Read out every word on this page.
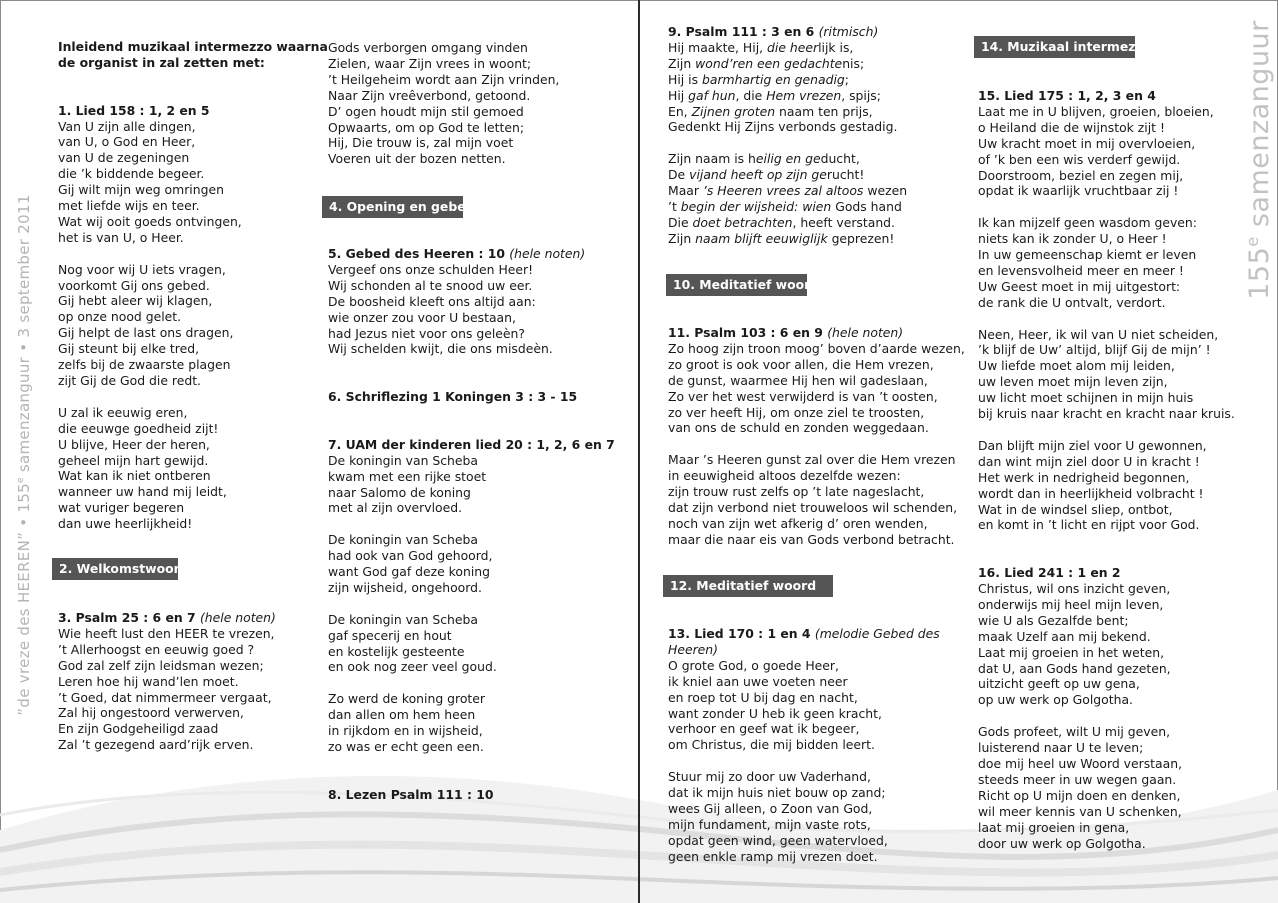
”de vreze des HEEREN” • 155e samenzanguur • 3 september 2011	155e samenzanguur
Inleidend muzikaal intermezzo waarna
de organist in zal zetten met:
1. Lied 158 : 1, 2 en 5
Van U zijn alle dingen,
van U, o God en Heer,
van U de zegeningen
die ’k biddende begeer.
Gij wilt mijn weg omringen
met liefde wijs en teer.
Wat wij ooit goeds ontvingen,
het is van U, o Heer.
Nog voor wij U iets vragen,
voorkomt Gij ons gebed.
Gij hebt aleer wij klagen,
op onze nood gelet.
Gij helpt de last ons dragen,
Gij steunt bij elke tred,
zelfs bij de zwaarste plagen
zijt Gij de God die redt.
U zal ik eeuwig eren,
die eeuwge goedheid zijt!
U blijve, Heer der heren,
geheel mijn hart gewijd.
Wat kan ik niet ontberen
wanneer uw hand mij leidt,
wat vuriger begeren
dan uwe heerlijkheid!
2. Welkomstwoord
3. Psalm 25 : 6 en 7 (hele noten)
Wie heeft lust den HEER te vrezen,
’t Allerhoogst en eeuwig goed ?
God zal zelf zijn leidsman wezen;
Leren hoe hij wand’len moet.
’t Goed, dat nimmermeer vergaat,
Zal hij ongestoord verwerven,
En zijn Godgeheiligd zaad
Zal ’t gezegend aard’rijk erven.
Gods verborgen omgang vinden
Zielen, waar Zijn vrees in woont;
’t Heilgeheim wordt aan Zijn vrinden,
Naar Zijn vreêverbond, getoond.
D’ ogen houdt mijn stil gemoed
Opwaarts, om op God te letten;
Hij, Die trouw is, zal mijn voet
Voeren uit der bozen netten.
4. Opening en gebed
5. Gebed des Heeren : 10 (hele noten)
Vergeef ons onze schulden Heer!
Wij schonden al te snood uw eer.
De boosheid kleeft ons altijd aan:
wie onzer zou voor U bestaan,
had Jezus niet voor ons geleèn?
Wij schelden kwijt, die ons misdeèn.
6. Schriflezing 1 Koningen 3 : 3 - 15
7. UAM der kinderen lied 20 : 1, 2, 6 en 7
De koningin van Scheba
kwam met een rijke stoet
naar Salomo de koning
met al zijn overvloed.
De koningin van Scheba
had ook van God gehoord,
want God gaf deze koning
zijn wijsheid, ongehoord.
De koningin van Scheba
gaf specerij en hout
en kostelijk gesteente
en ook nog zeer veel goud.
Zo werd de koning groter
dan allen om hem heen
in rijkdom en in wijsheid,
zo was er echt geen een.
8. Lezen Psalm 111 : 10
9. Psalm 111 : 3 en 6 (ritmisch)
Hij maakte, Hij, die heerlijk is,
Zijn wond’ren een gedachtenis;
Hij is barmhartig en genadig;
Hij gaf hun, die Hem vrezen, spijs;
En, Zijnen groten naam ten prijs,
Gedenkt Hij Zijns verbonds gestadig.
Zijn naam is heilig en geducht,
De vijand heeft op zijn gerucht!
Maar ’s Heeren vrees zal altoos wezen
’t begin der wijsheid: wien Gods hand
Die doet betrachten, heeft verstand.
Zijn naam blijft eeuwiglijk geprezen!
10. Meditatief woord
11. Psalm 103 : 6 en 9 (hele noten)
Zo hoog zijn troon moog’ boven d’aarde wezen,
zo groot is ook voor allen, die Hem vrezen,
de gunst, waarmee Hij hen wil gadeslaan,
Zo ver het west verwijderd is van ’t oosten,
zo ver heeft Hij, om onze ziel te troosten,
van ons de schuld en zonden weggedaan.
Maar ’s Heeren gunst zal over die Hem vrezen
in eeuwigheid altoos dezelfde wezen:
zijn trouw rust zelfs op ’t late nageslacht,
dat zijn verbond niet trouweloos wil schenden,
noch van zijn wet afkerig d’ oren wenden,
maar die naar eis van Gods verbond betracht.
12. Meditatief woord
13. Lied 170 : 1 en 4 (melodie Gebed des
Heeren)
O grote God, o goede Heer,
ik kniel aan uwe voeten neer
en roep tot U bij dag en nacht,
want zonder U heb ik geen kracht,
verhoor en geef wat ik begeer,
om Christus, die mij bidden leert.
Stuur mij zo door uw Vaderhand,
dat ik mijn huis niet bouw op zand;
wees Gij alleen, o Zoon van God,
mijn fundament, mijn vaste rots,
opdat geen wind, geen watervloed,
geen enkle ramp mij vrezen doet.
14. Muzikaal intermezzo
15. Lied 175 : 1, 2, 3 en 4
Laat me in U blijven, groeien, bloeien,
o Heiland die de wijnstok zijt !
Uw kracht moet in mij overvloeien,
of ’k ben een wis verderf gewijd.
Doorstroom, beziel en zegen mij,
opdat ik waarlijk vruchtbaar zij !
Ik kan mijzelf geen wasdom geven:
niets kan ik zonder U, o Heer !
In uw gemeenschap kiemt er leven
en levensvolheid meer en meer !
Uw Geest moet in mij uitgestort:
de rank die U ontvalt, verdort.
Neen, Heer, ik wil van U niet scheiden,
’k blijf de Uw’ altijd, blijf Gij de mijn’ !
Uw liefde moet alom mij leiden,
uw leven moet mijn leven zijn,
uw licht moet schijnen in mijn huis
bij kruis naar kracht en kracht naar kruis.
Dan blijft mijn ziel voor U gewonnen,
dan wint mijn ziel door U in kracht !
Het werk in nedrigheid begonnen,
wordt dan in heerlijkheid volbracht !
Wat in de windsel sliep, ontbot,
en komt in ’t licht en rijpt voor God.
16. Lied 241 : 1 en 2
Christus, wil ons inzicht geven,
onderwijs mij heel mijn leven,
wie U als Gezalfde bent;
maak Uzelf aan mij bekend.
Laat mij groeien in het weten,
dat U, aan Gods hand gezeten,
uitzicht geeft op uw gena,
op uw werk op Golgotha.
Gods profeet, wilt U mij geven,
luisterend naar U te leven;
doe mij heel uw Woord verstaan,
steeds meer in uw wegen gaan.
Richt op U mijn doen en denken,
wil meer kennis van U schenken,
laat mij groeien in gena,
door uw werk op Golgotha.
